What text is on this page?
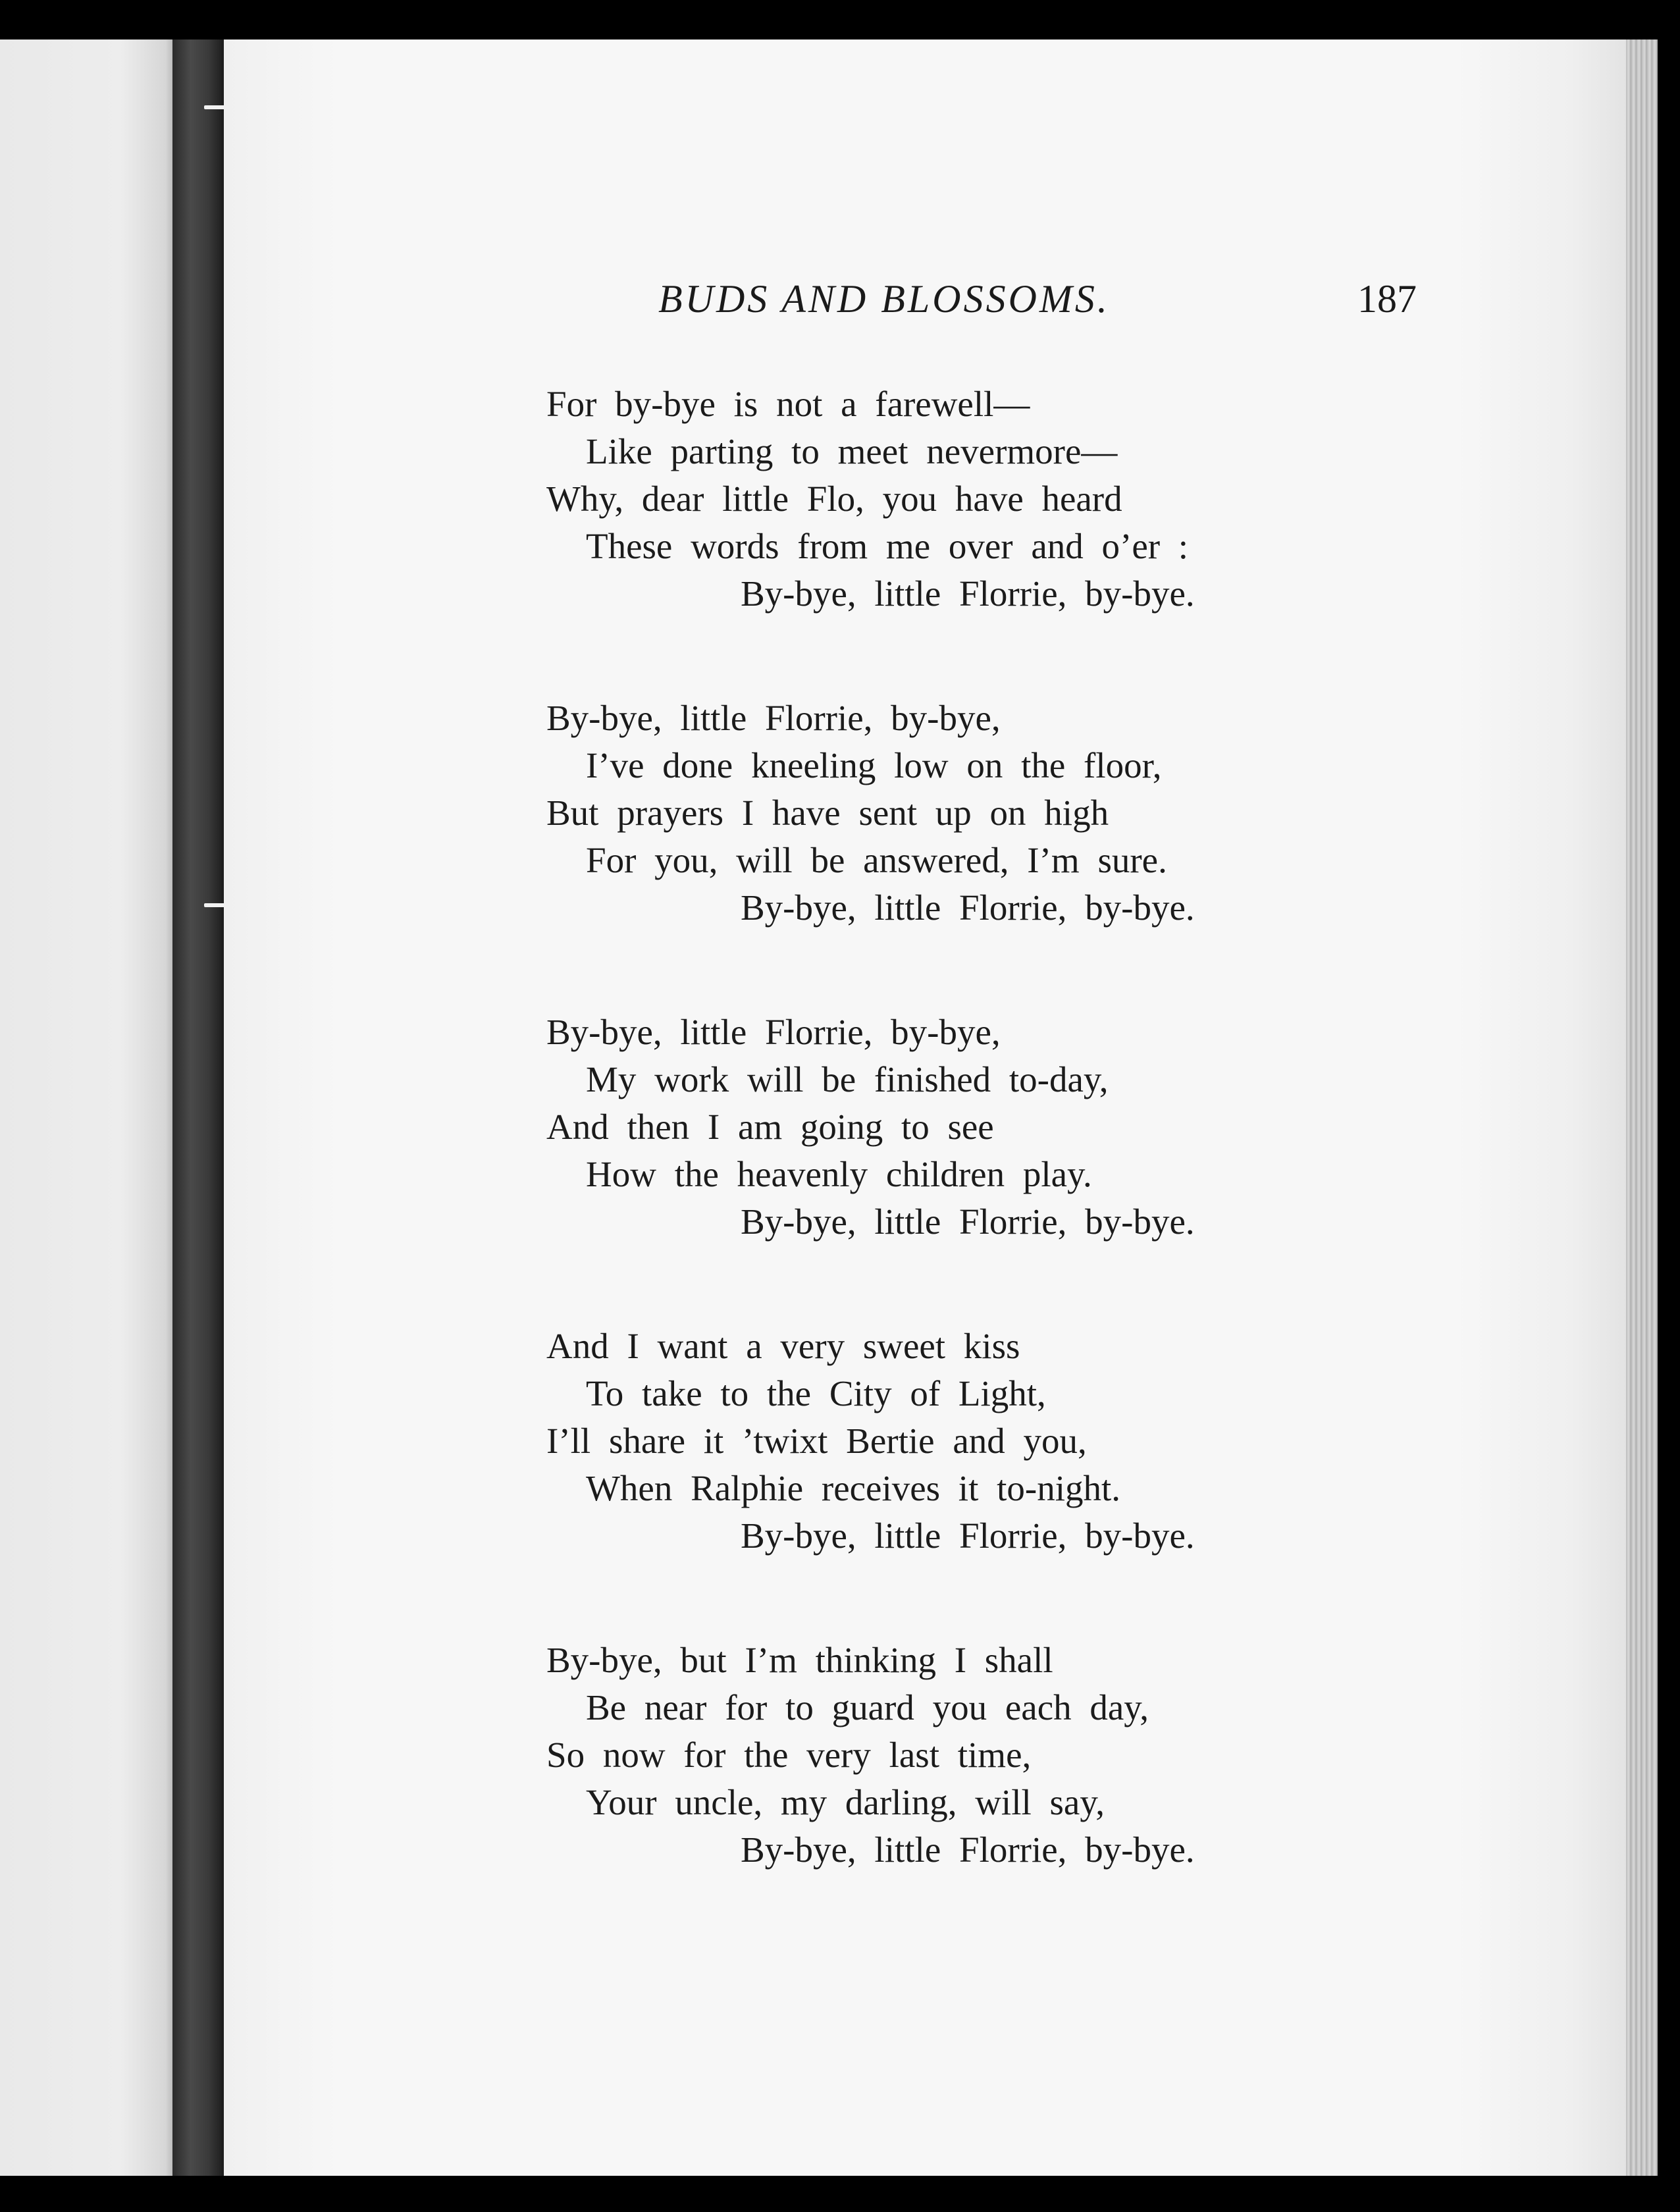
BUDS AND BLOSSOMS.	187
For by-bye is not a farewell—
Like parting to meet nevermore—
Why, dear little Flo, you have heard
These words from me over and o’er :
By-bye, little Florrie, by-bye.
By-bye, little Florrie, by-bye,
I’ve done kneeling low on the floor,
But prayers I have sent up on high
For you, will be answered, I’m sure.
By-bye, little Florrie, by-bye.
By-bye, little Florrie, by-bye,
My work will be finished to-day,
And then I am going to see
How the heavenly children play.
By-bye, little Florrie, by-bye.
And I want a very sweet kiss
To take to the City of Light,
I’ll share it ’twixt Bertie and you,
When Ralphie receives it to-night.
By-bye, little Florrie, by-bye.
By-bye, but I’m thinking I shall
Be near for to guard you each day,
So now for the very last time,
Your uncle, my darling, will say,
By-bye, little Florrie, by-bye.
